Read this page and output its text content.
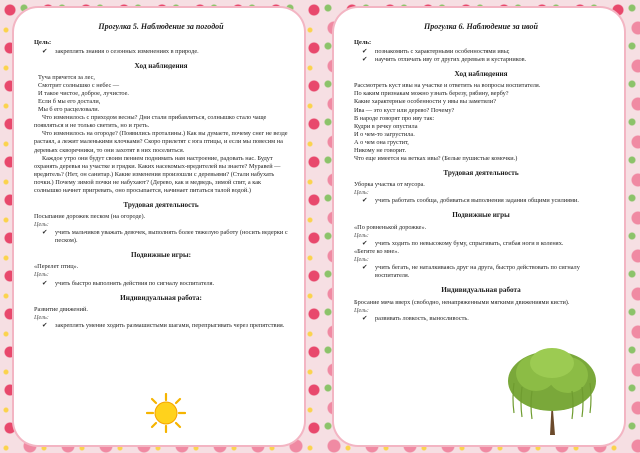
Прогулка 5. Наблюдение за погодой
Цель:
✔	закреплять знания о сезонных изменениях в природе.
Ход наблюдения
Туча прячется за лес,
Смотрит солнышко с небес —
И такое чистое, доброе, лучистое.
Если б мы его достали,
Мы б его расцеловали.

Что изменилось с приходом весны? Дни стали прибавляться, солнышко стало чаще появляться и не только светить, но и греть.

Что изменилось на огороде? (Появились проталины.) Как вы думаете, почему снег не везде растаял, а лежит маленькими клочками? Скоро прилетят с юга птицы, и если мы повесим на деревьях скворечники, то они захотят в них поселиться.

Каждое утро они будут своим пением поднимать нам настроение, радовать нас. Будут охранять деревья на участке и грядки. Каких насекомых-вредителей вы знаете? Муравей — вредитель? (Нет, он санитар.) Какие изменения произошли с деревьями? (Стали набухать почки.) Почему зимой почки не набухают? (Дерево, как и медведь, зимой спит, а как солнышко начнет пригревать, оно просыпается, начинает питаться талой водой.)

Трудовая деятельность
Посыпание дорожек песком (на огороде).
Цель:
✔	учить мальчиков уважать девочек, выполнять более тяжелую работу (носить ведерки с песком).
Подвижные игры:
«Перелет птиц».
Цель:
✔	учить быстро выполнять действия по сигналу воспитателя.
Индивидуальная работа:
Развитие движений.
Цель:
✔	закреплять умение ходить размашистыми шагами, перепрыгивать через препятствия.
Прогулка 6. Наблюдение за ивой
Цель:
✔	познакомить с характерными особенностями ивы;
✔	научить отличать иву от других деревьев и кустарников.
Ход наблюдения
Рассмотреть куст ивы на участке и ответить на вопросы воспитателя.
По каким признакам можно узнать березу, рябину, вербу?
Какие характерные особенности у ивы вы заметили?
Ива — это куст или дерево? Почему?
В народе говорят про иву так:
Кудри в речку опустила
И о чем-то загрустила.
А о чем она грустит,
Никому не говорит.
Что еще имеется на ветках ивы? (Белые пушистые комочки.)
Трудовая деятельность
Уборка участка от мусора.
Цель:
✔	учить работать сообща, добиваться выполнения задания общими усилиями.
Подвижные игры
«По ровненькой дорожке».
Цель:
✔	учить ходить по невысокому буму, спрыгивать, сгибая ноги в коленях.
«Бегите ко мне».
Цель:
✔	учить бегать, не наталкиваясь друг на друга, быстро действовать по сигналу воспитателя.
Индивидуальная работа
Бросание мяча вверх (свободно, ненапряженными мягкими движениями кисти).
Цель:
✔	развивать ловкость, выносливость.
